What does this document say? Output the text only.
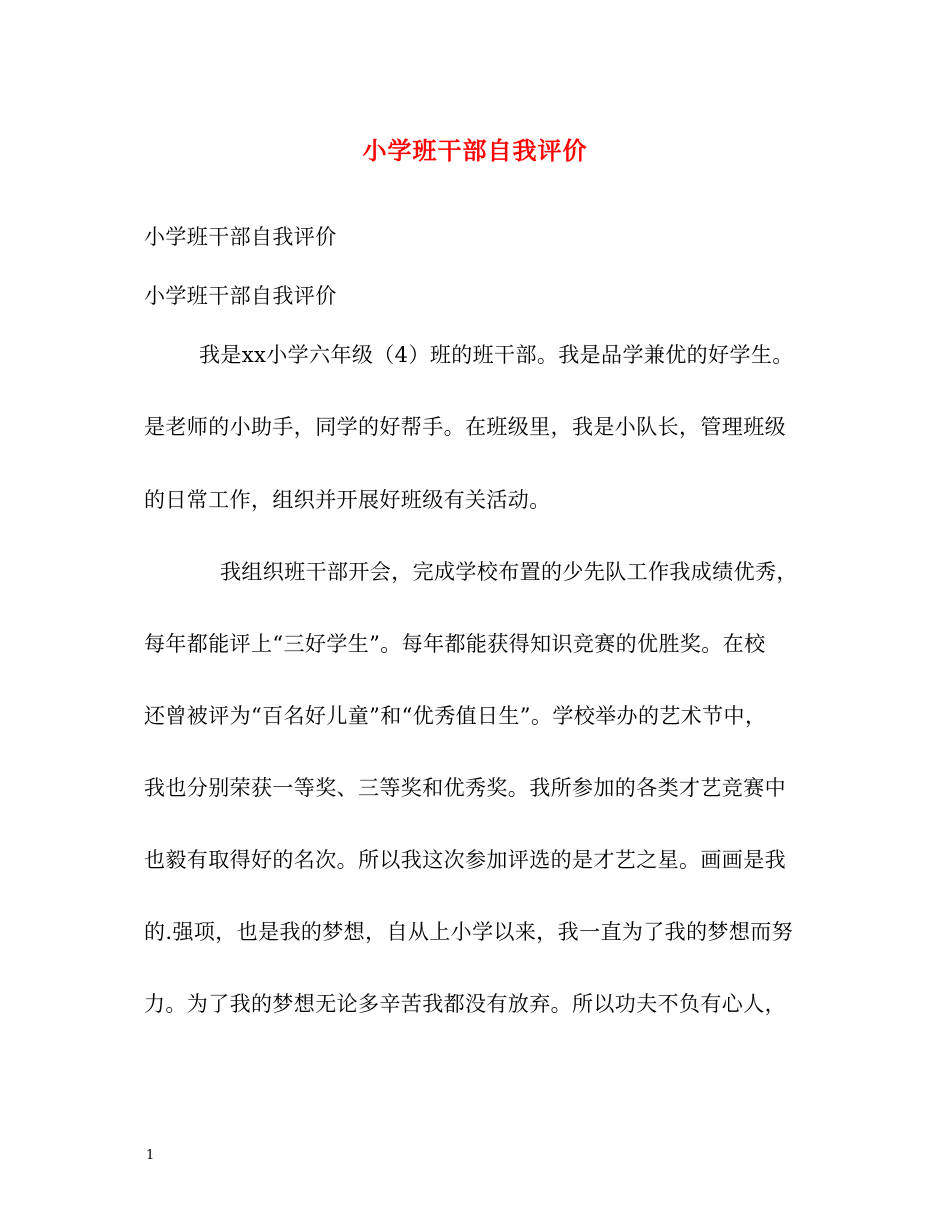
小学班干部自我评价
小学班干部自我评价
小学班干部自我评价
我是xx小学六年级（4）班的班干部。我是品学兼优的好学生。
是老师的小助手，同学的好帮手。在班级里，我是小队长，管理班级
的日常工作，组织并开展好班级有关活动。
我组织班干部开会，完成学校布置的少先队工作我成绩优秀，
每年都能评上“三好学生”。每年都能获得知识竞赛的优胜奖。在校
还曾被评为“百名好儿童”和“优秀值日生”。学校举办的艺术节中，
我也分别荣获一等奖、三等奖和优秀奖。我所参加的各类才艺竞赛中
也毅有取得好的名次。所以我这次参加评选的是才艺之星。画画是我
的.强项，也是我的梦想，自从上小学以来，我一直为了我的梦想而努
力。为了我的梦想无论多辛苦我都没有放弃。所以功夫不负有心人，
1
